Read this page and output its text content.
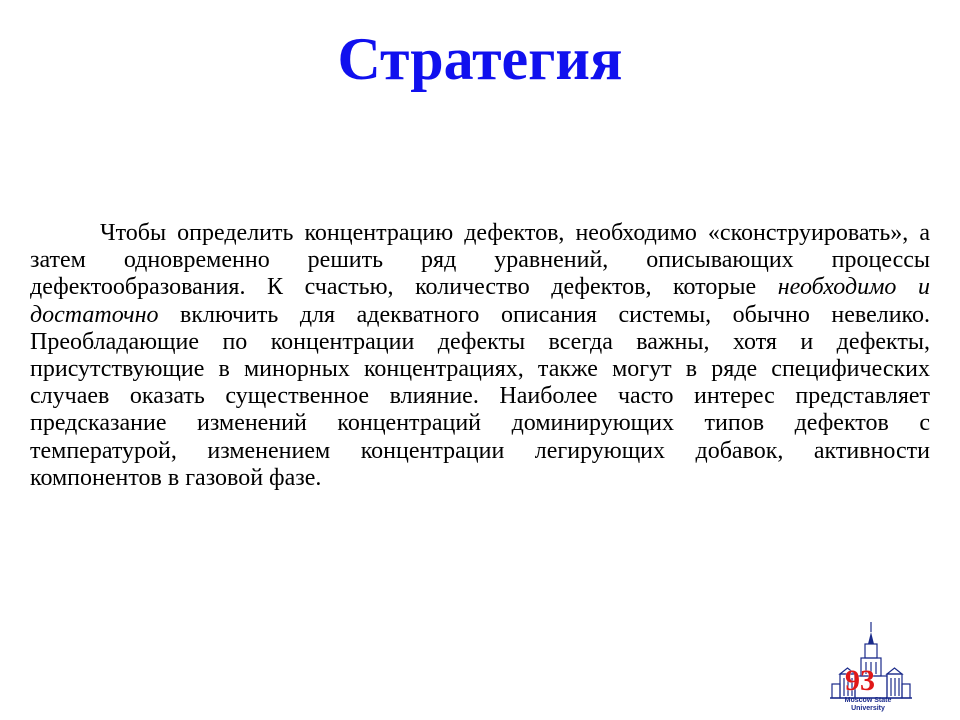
Стратегия

Чтобы определить концентрацию дефектов, необходимо «сконструировать», а затем одновременно решить ряд уравнений, описывающих процессы дефектообразования. К счастью, количество дефектов, которые необходимо и достаточно включить для адекватного описания системы, обычно невелико. Преобладающие по концентрации дефекты всегда важны, хотя и дефекты, присутствующие в минорных концентрациях, также могут в ряде специфических случаев оказать существенное влияние. Наиболее часто интерес представляет предсказание изменений концентраций доминирующих типов дефектов с температурой, изменением концентрации легирующих добавок, активности компонентов в газовой фазе.

93
Moscow State
University
